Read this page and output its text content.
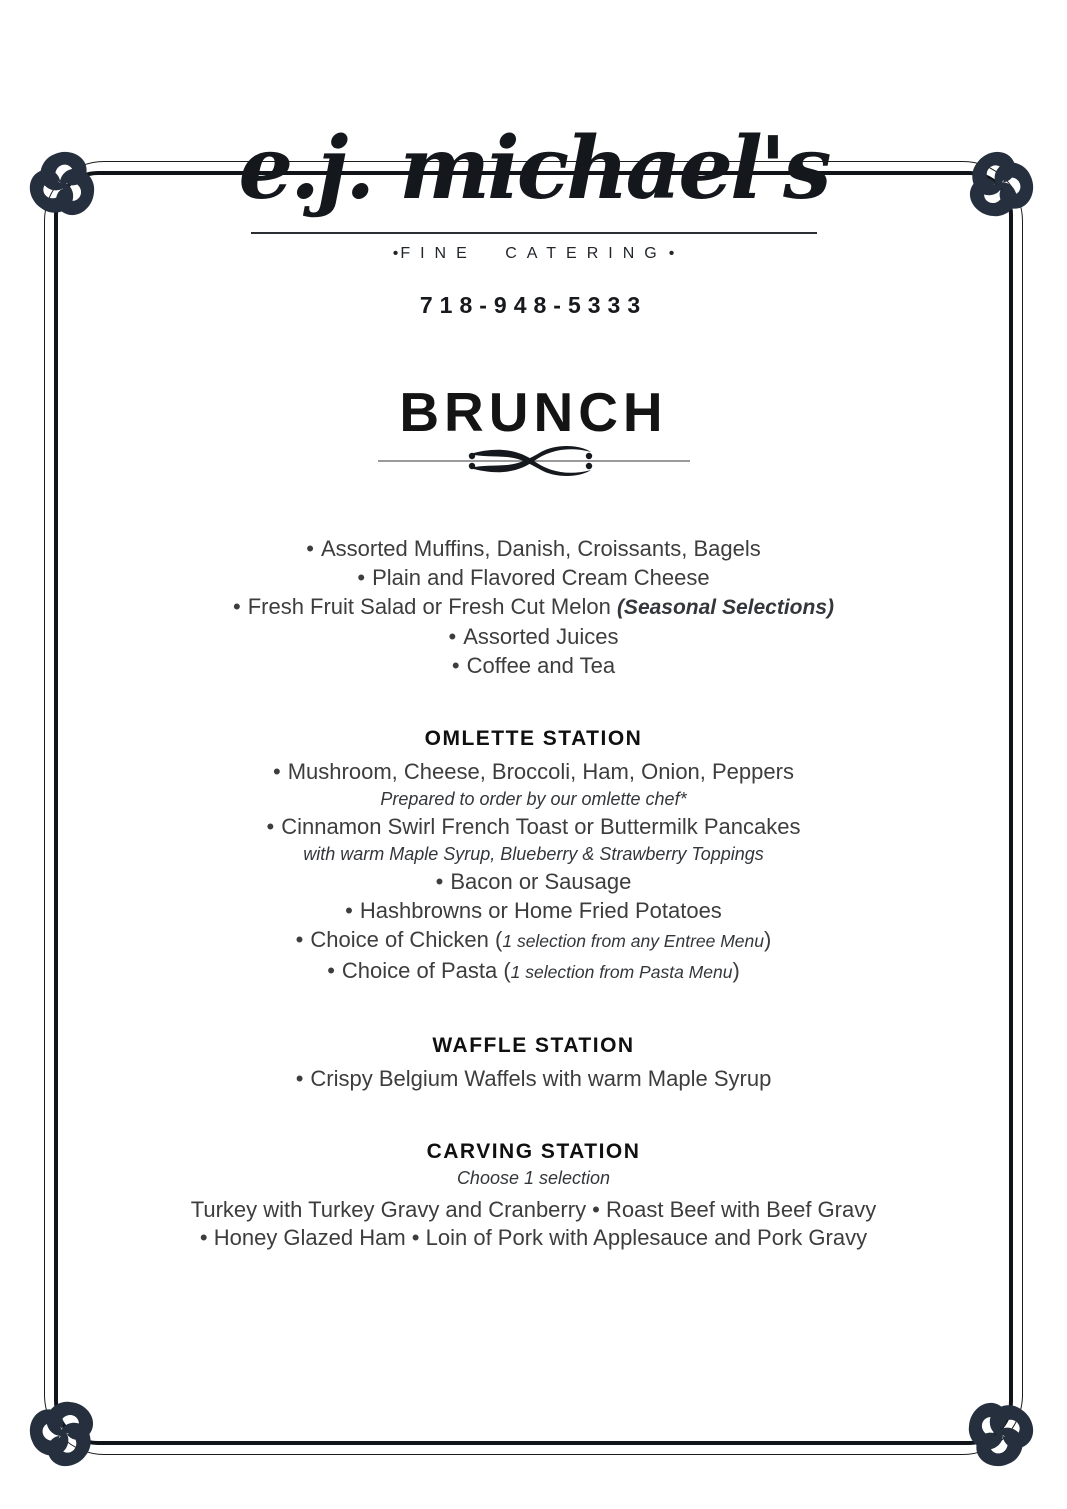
e.j. michael's
• FINE CATERING •
718-948-5333
BRUNCH
• Assorted Muffins, Danish, Croissants, Bagels
• Plain and Flavored Cream Cheese
• Fresh Fruit Salad or Fresh Cut Melon (Seasonal Selections)
• Assorted Juices
• Coffee and Tea
OMLETTE STATION
• Mushroom, Cheese, Broccoli, Ham, Onion, Peppers
Prepared to order by our omlette chef*
• Cinnamon Swirl French Toast or Buttermilk Pancakes
with warm Maple Syrup, Blueberry & Strawberry Toppings
• Bacon or Sausage
• Hashbrowns or Home Fried Potatoes
• Choice of Chicken (1 selection from any Entree Menu)
• Choice of Pasta (1 selection from Pasta Menu)
WAFFLE STATION
• Crispy Belgium Waffels with warm Maple Syrup
CARVING STATION
Choose 1 selection
Turkey with Turkey Gravy and Cranberry • Roast Beef with Beef Gravy
• Honey Glazed Ham • Loin of Pork with Applesauce and Pork Gravy
